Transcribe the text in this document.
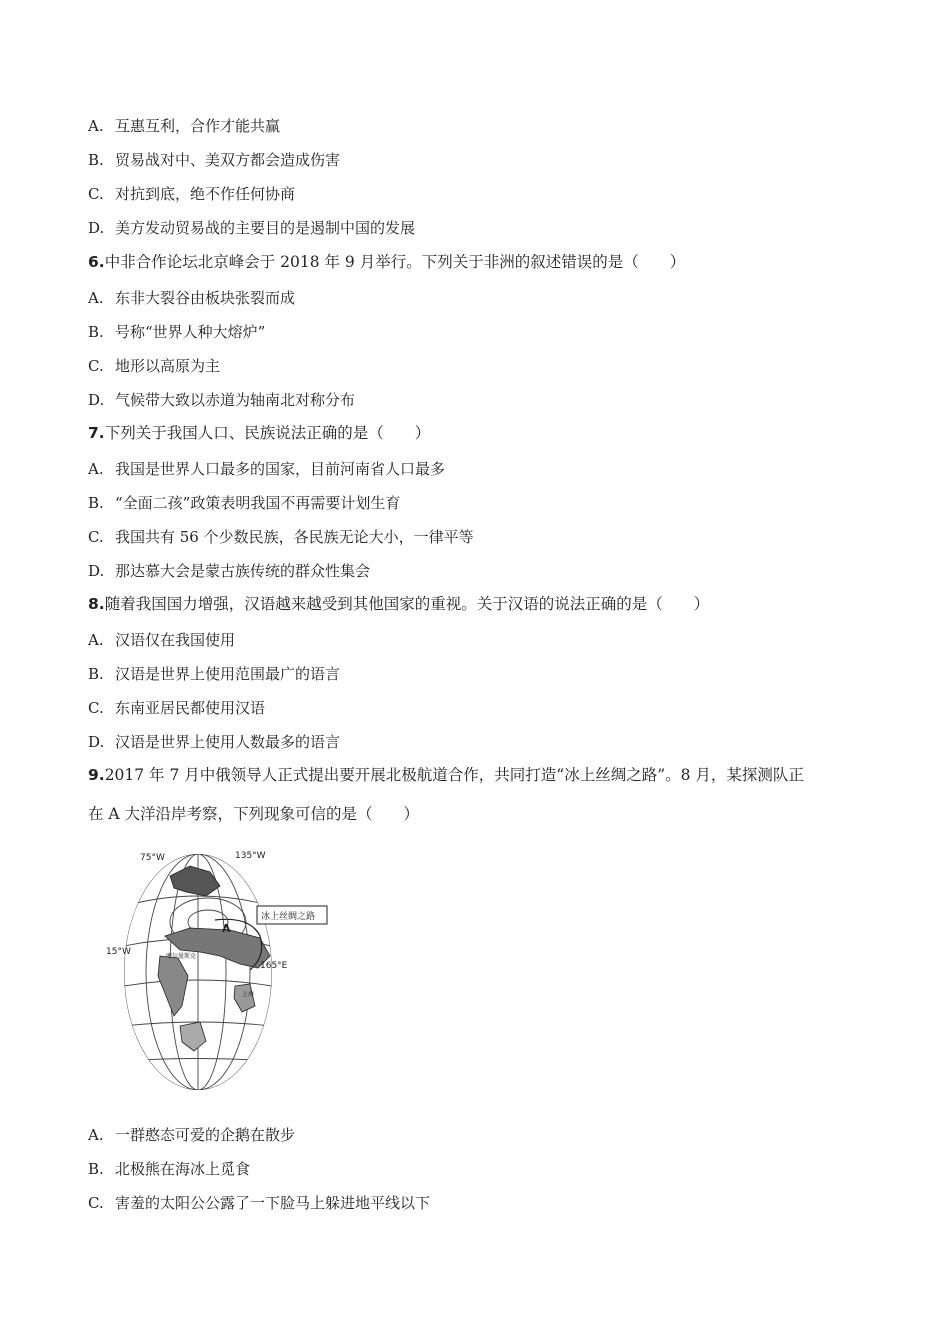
A. 互惠互利，合作才能共赢
B. 贸易战对中、美双方都会造成伤害
C. 对抗到底，绝不作任何协商
D. 美方发动贸易战的主要目的是遏制中国的发展
6.中非合作论坛北京峰会于 2018 年 9 月举行。下列关于非洲的叙述错误的是（　　）
A. 东非大裂谷由板块张裂而成
B. 号称“世界人种大熔炉”
C. 地形以高原为主
D. 气候带大致以赤道为轴南北对称分布
7.下列关于我国人口、民族说法正确的是（　　）
A. 我国是世界人口最多的国家，目前河南省人口最多
B. “全面二孩”政策表明我国不再需要计划生育
C. 我国共有 56 个少数民族，各民族无论大小，一律平等
D. 那达慕大会是蒙古族传统的群众性集会
8.随着我国国力增强，汉语越来越受到其他国家的重视。关于汉语的说法正确的是（　　）
A. 汉语仅在我国使用
B. 汉语是世界上使用范围最广的语言
C. 东南亚居民都使用汉语
D. 汉语是世界上使用人数最多的语言
9.2017 年 7 月中俄领导人正式提出要开展北极航道合作，共同打造“冰上丝绸之路”。8 月，某探测队正
在 A 大洋沿岸考察，下列现象可信的是（　　）
75°W	135°W
15°W
165°E
A
摩尔曼斯克
上海
冰上丝绸之路
A. 一群憨态可爱的企鹅在散步
B. 北极熊在海冰上觅食
C. 害羞的太阳公公露了一下脸马上躲进地平线以下
